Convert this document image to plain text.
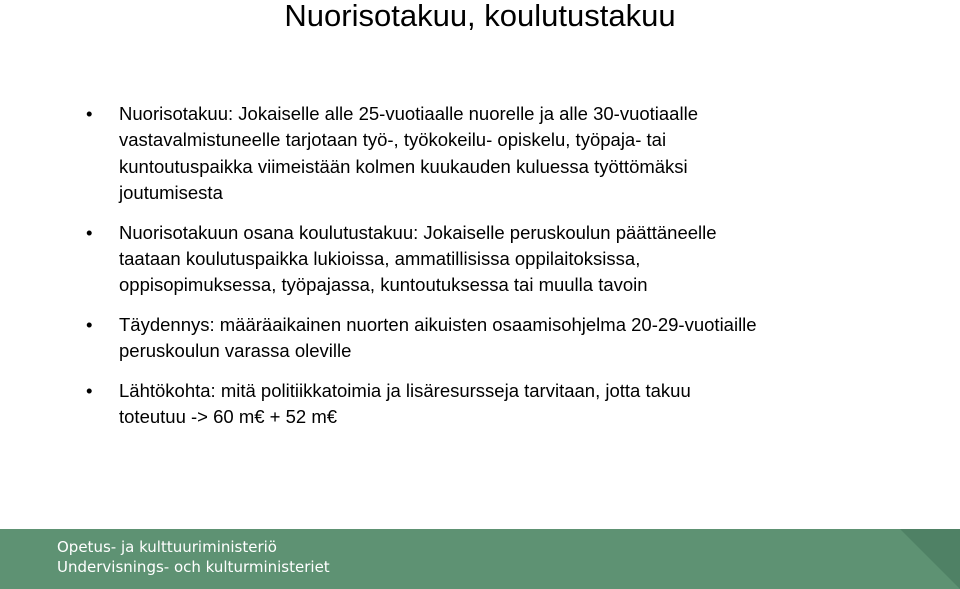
Nuorisotakuu, koulutustakuu
• Nuorisotakuu: Jokaiselle alle 25-vuotiaalle nuorelle ja alle 30-vuotiaalle
vastavalmistuneelle tarjotaan työ-, työkokeilu- opiskelu, työpaja- tai
kuntoutuspaikka viimeistään kolmen kuukauden kuluessa työttömäksi
joutumisesta
• Nuorisotakuun osana koulutustakuu: Jokaiselle peruskoulun päättäneelle
taataan koulutuspaikka lukioissa, ammatillisissa oppilaitoksissa,
oppisopimuksessa, työpajassa, kuntoutuksessa tai muulla tavoin
• Täydennys: määräaikainen nuorten aikuisten osaamisohjelma 20-29-vuotiaille
peruskoulun varassa oleville
• Lähtökohta: mitä politiikkatoimia ja lisäresursseja tarvitaan, jotta takuu
toteutuu -> 60 m€ + 52 m€
Opetus- ja kulttuuriministeriö
Undervisnings- och kulturministeriet
